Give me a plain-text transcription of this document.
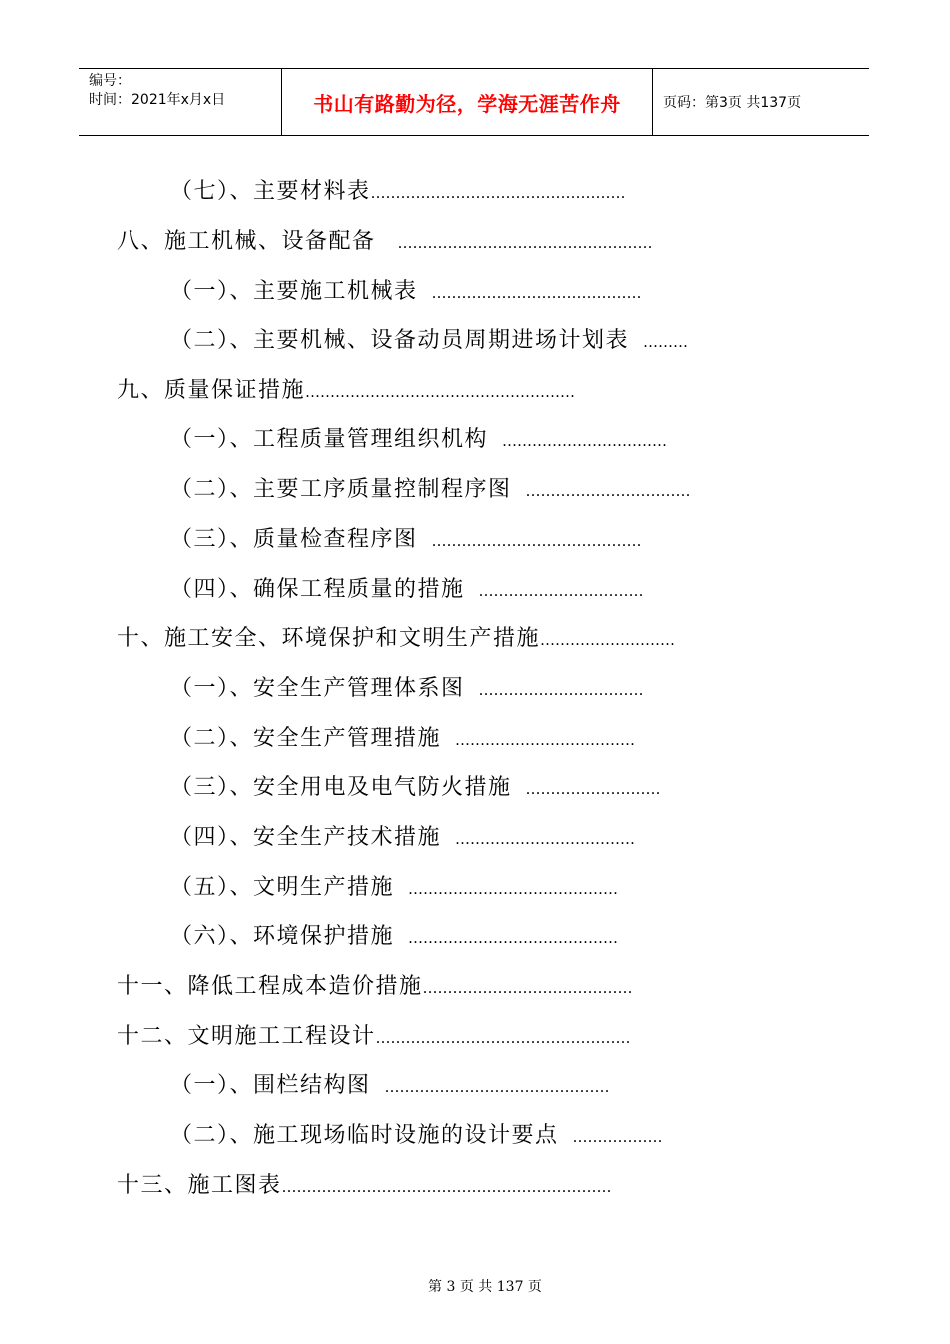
编号：
时间：2021年x月x日	书山有路勤为径，学海无涯苦作舟	页码：第3页 共137页
（七）、主要材料表 ……………………………………………
八、施工机械、设备配备 ……………………………………………
（一）、主要施工机械表 ……………………………………
（二）、主要机械、设备动员周期进场计划表 ………
九、质量保证措施 ………………………………………………
（一）、工程质量管理组织机构 ……………………………
（二）、主要工序质量控制程序图 ……………………………
（三）、质量检查程序图 ……………………………………
（四）、确保工程质量的措施 ……………………………
十、施工安全、环境保护和文明生产措施 ………………………
（一）、安全生产管理体系图 ……………………………
（二）、安全生产管理措施 ………………………………
（三）、安全用电及电气防火措施 ………………………
（四）、安全生产技术措施 ………………………………
（五）、文明生产措施 ……………………………………
（六）、环境保护措施 ……………………………………
十一、降低工程成本造价措施 ……………………………………
十二、文明施工工程设计 ……………………………………………
（一）、围栏结构图 ………………………………………
（二）、施工现场临时设施的设计要点 ………………
十三、施工图表 …………………………………………………………
第 3 页 共 137 页
